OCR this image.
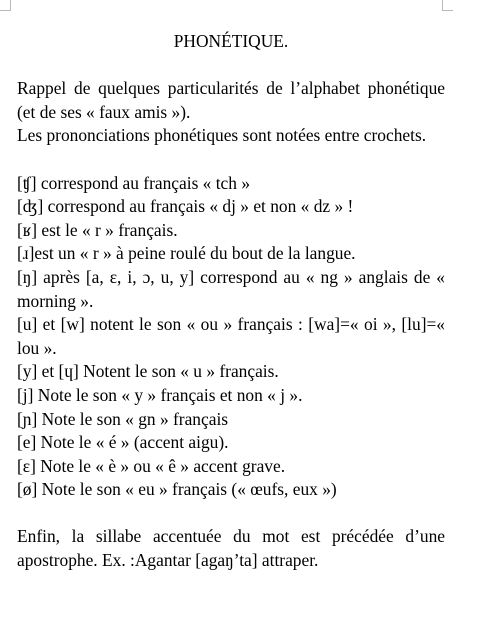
PHONÉTIQUE.
Rappel de quelques particularités de l’alphabet phonétique (et de ses « faux amis »).
Les prononciations phonétiques sont notées entre crochets.
[ʧ] correspond au français « tch »
[ʤ] correspond au français « dj » et non « dz » !
[ʁ] est le « r » français.
[ɹ]est un « r » à peine roulé du bout de la langue.
[ŋ] après [a, ɛ, i, ɔ, u, y] correspond au « ng » anglais de « morning ».
[u] et [w] notent le son « ou » français : [wa]=« oi », [lu]=« lou ».
[y] et [ɥ] Notent le son « u » français.
[j] Note le son « y » français et non « j ».
[ɲ] Note le son « gn » français
[e] Note le « é » (accent aigu).
[ɛ] Note le « è » ou « ê » accent grave.
[ø] Note le son « eu » français (« œufs, eux »)
Enfin, la sillabe accentuée du mot est précédée d’une apostrophe. Ex. :Agantar [agaŋ’ta] attraper.
